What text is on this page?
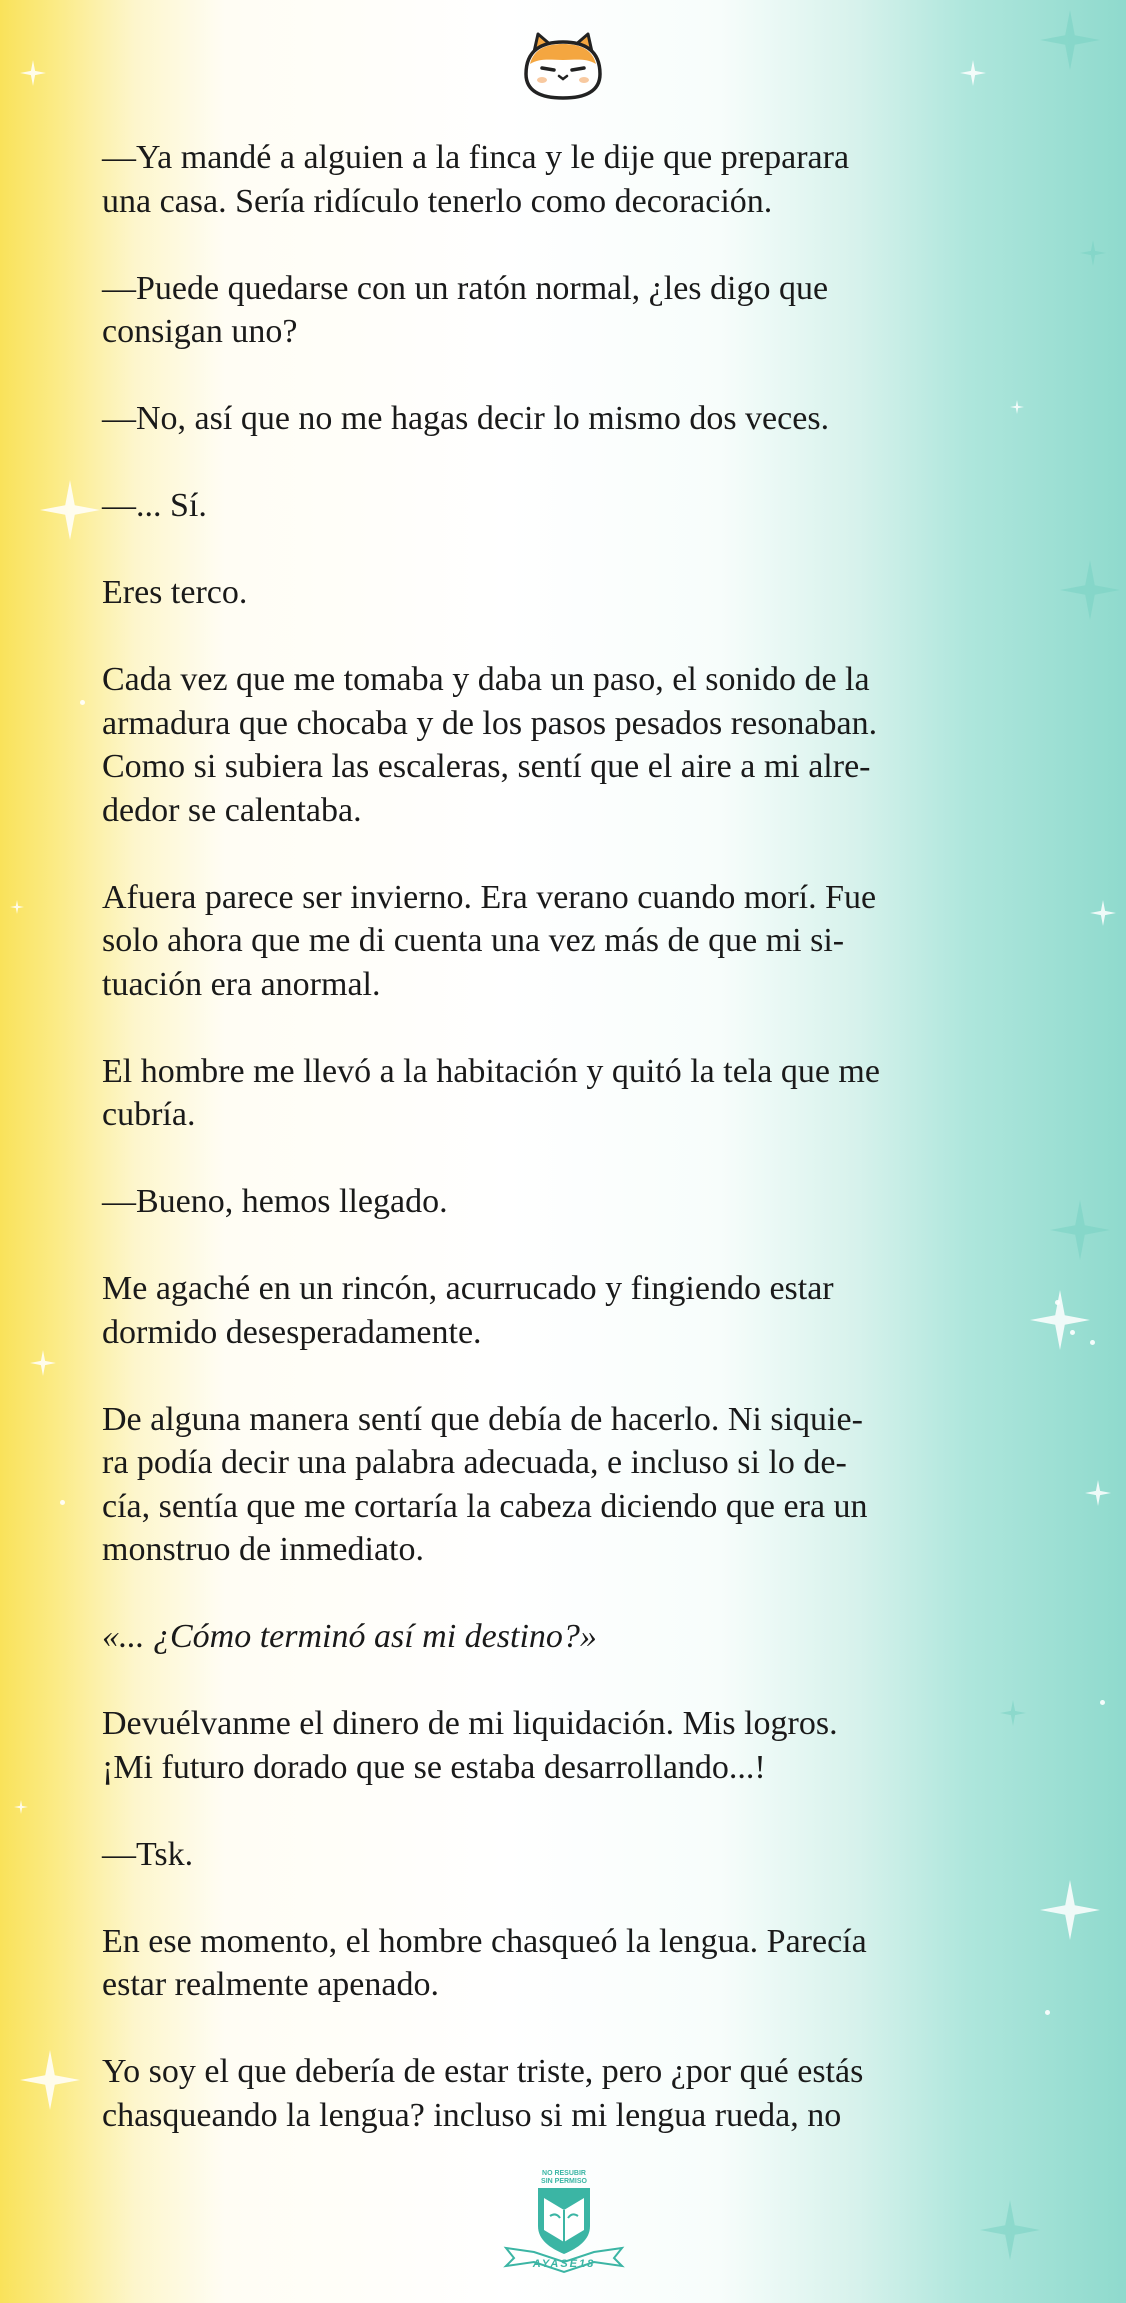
—Ya mandé a alguien a la finca y le dije que preparara
una casa. Sería ridículo tenerlo como decoración.

—Puede quedarse con un ratón normal, ¿les digo que
consigan uno?

—No, así que no me hagas decir lo mismo dos veces.

—... Sí.

Eres terco.

Cada vez que me tomaba y daba un paso, el sonido de la
armadura que chocaba y de los pasos pesados resonaban.
Como si subiera las escaleras, sentí que el aire a mi alre-
dedor se calentaba.

Afuera parece ser invierno. Era verano cuando morí. Fue
solo ahora que me di cuenta una vez más de que mi si-
tuación era anormal.

El hombre me llevó a la habitación y quitó la tela que me
cubría.

—Bueno, hemos llegado.

Me agaché en un rincón, acurrucado y fingiendo estar
dormido desesperadamente.

De alguna manera sentí que debía de hacerlo. Ni siquie-
ra podía decir una palabra adecuada, e incluso si lo de-
cía, sentía que me cortaría la cabeza diciendo que era un
monstruo de inmediato.

«... ¿Cómo terminó así mi destino?»

Devuélvanme el dinero de mi liquidación. Mis logros.
¡Mi futuro dorado que se estaba desarrollando...!

—Tsk.

En ese momento, el hombre chasqueó la lengua. Parecía
estar realmente apenado.

Yo soy el que debería de estar triste, pero ¿por qué estás
chasqueando la lengua? incluso si mi lengua rueda, no

NO RESUBIR
SIN PERMISO
AYASE18
